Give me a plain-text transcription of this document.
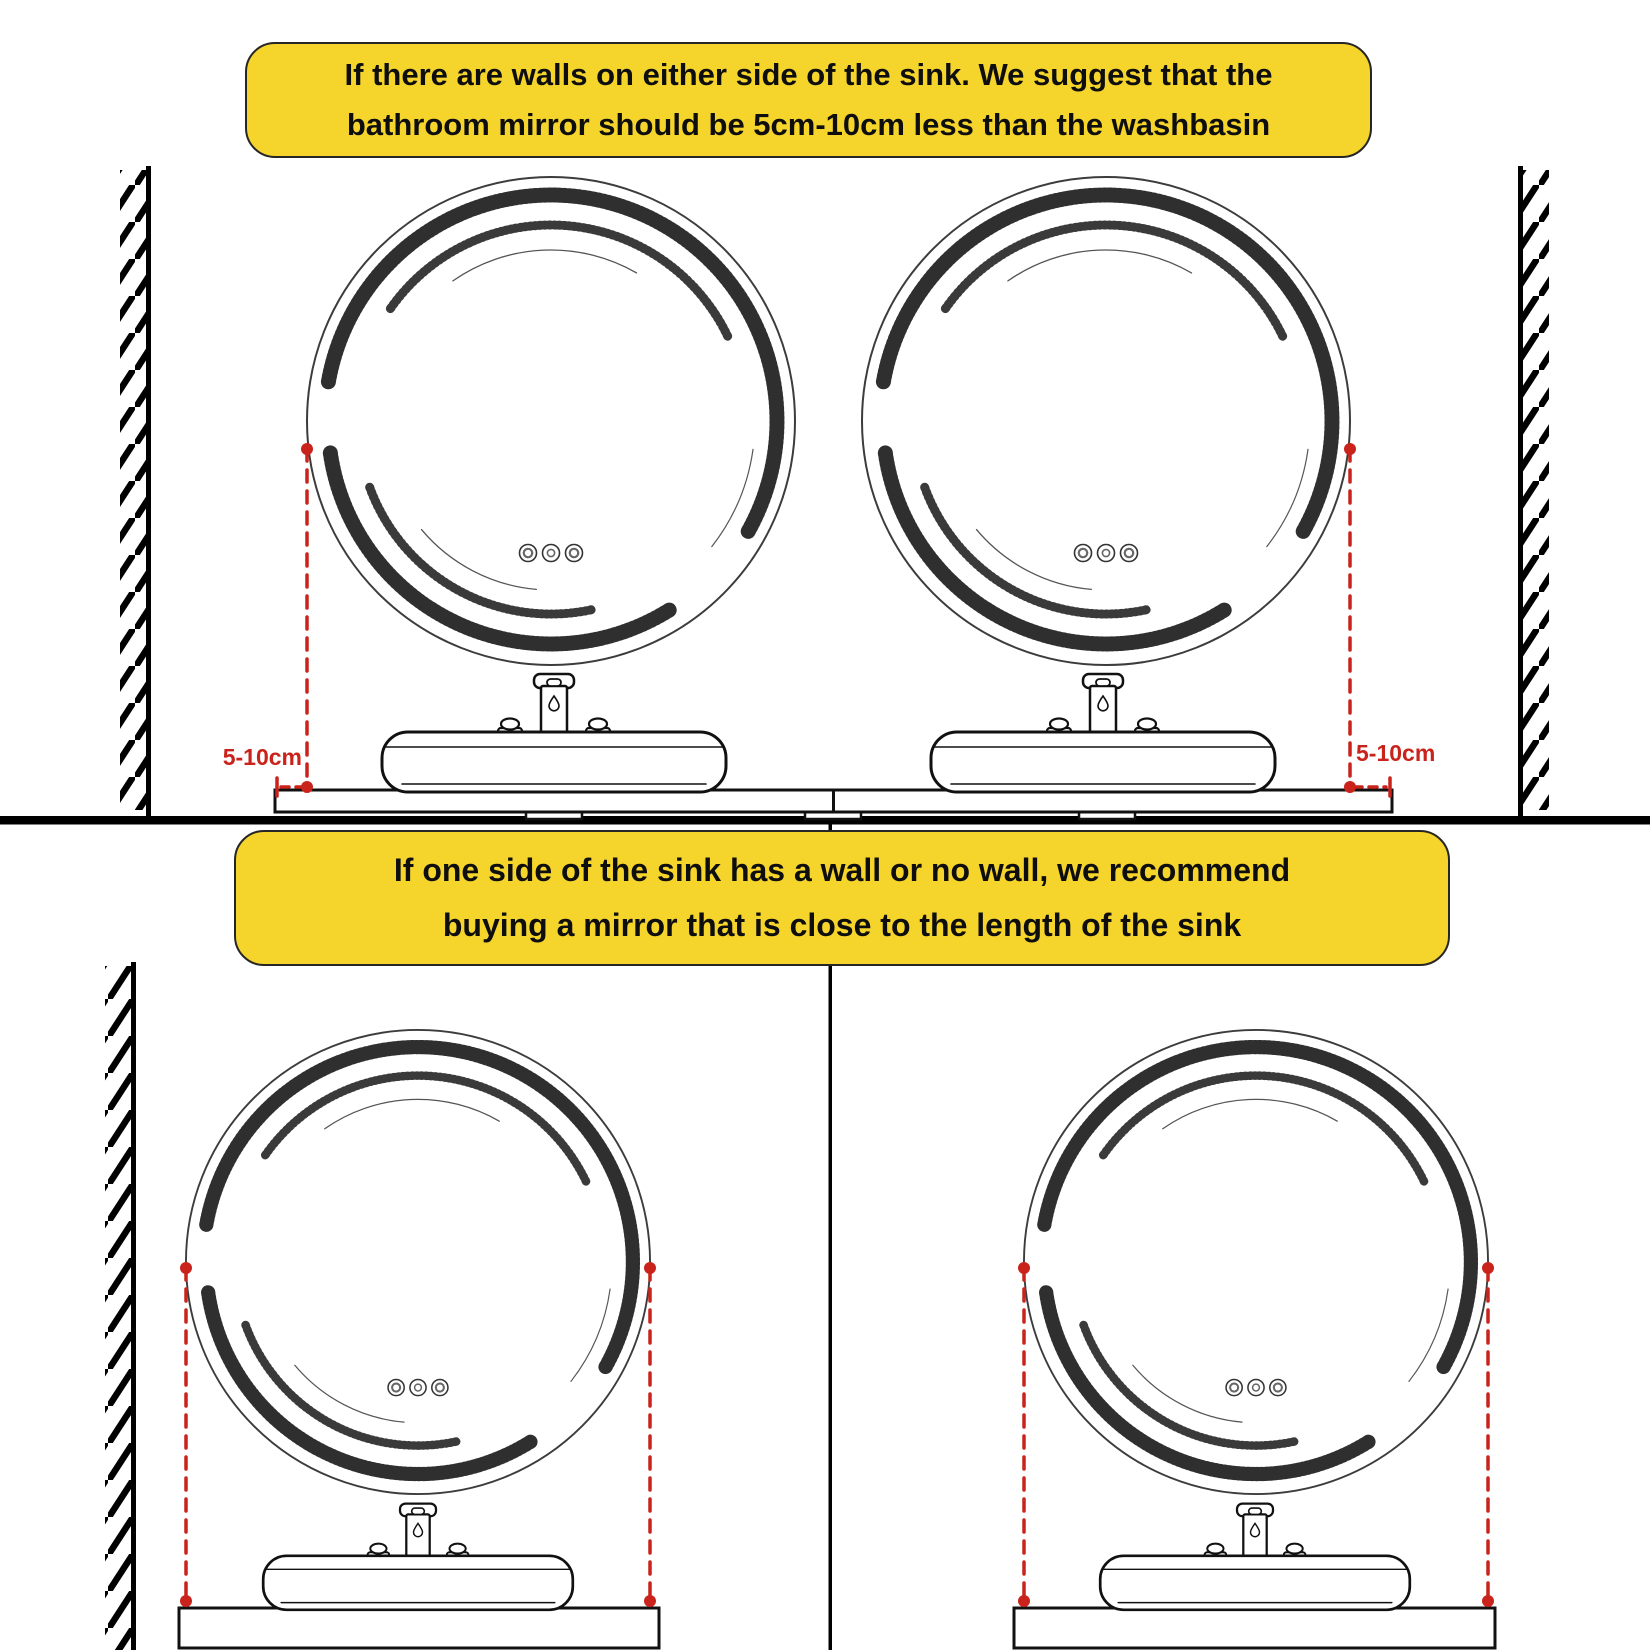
If there are walls on either side of the sink. We suggest that the
bathroom mirror should be 5cm-10cm less than the washbasin
If one side of the sink has a wall or no wall, we recommend
buying a mirror that is close to the length of the sink
5-10cm	5-10cm
